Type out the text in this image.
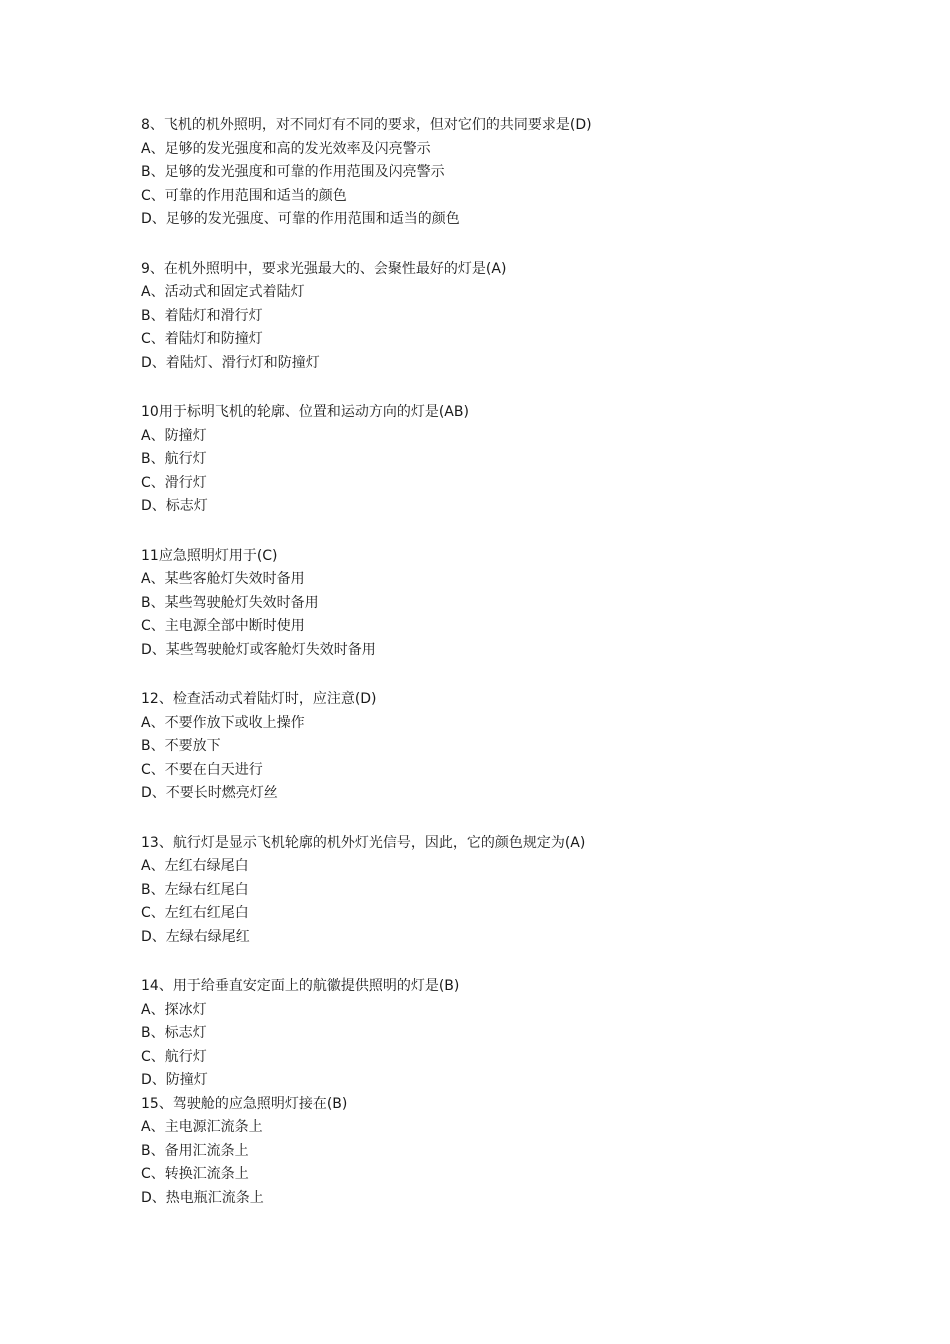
8、飞机的机外照明，对不同灯有不同的要求，但对它们的共同要求是(D)
A、足够的发光强度和高的发光效率及闪亮警示
B、足够的发光强度和可靠的作用范围及闪亮警示
C、可靠的作用范围和适当的颜色
D、足够的发光强度、可靠的作用范围和适当的颜色
9、在机外照明中，要求光强最大的、会聚性最好的灯是(A)
A、活动式和固定式着陆灯
B、着陆灯和滑行灯
C、着陆灯和防撞灯
D、着陆灯、滑行灯和防撞灯
10用于标明飞机的轮廓、位置和运动方向的灯是(AB)
A、防撞灯
B、航行灯
C、滑行灯
D、标志灯
11应急照明灯用于(C)
A、某些客舱灯失效时备用
B、某些驾驶舱灯失效时备用
C、主电源全部中断时使用
D、某些驾驶舱灯或客舱灯失效时备用
12、检查活动式着陆灯时，应注意(D)
A、不要作放下或收上操作
B、不要放下
C、不要在白天进行
D、不要长时燃亮灯丝
13、航行灯是显示飞机轮廓的机外灯光信号，因此，它的颜色规定为(A)
A、左红右绿尾白
B、左绿右红尾白
C、左红右红尾白
D、左绿右绿尾红
14、用于给垂直安定面上的航徽提供照明的灯是(B)
A、探冰灯
B、标志灯
C、航行灯
D、防撞灯
15、驾驶舱的应急照明灯接在(B)
A、主电源汇流条上
B、备用汇流条上
C、转换汇流条上
D、热电瓶汇流条上
